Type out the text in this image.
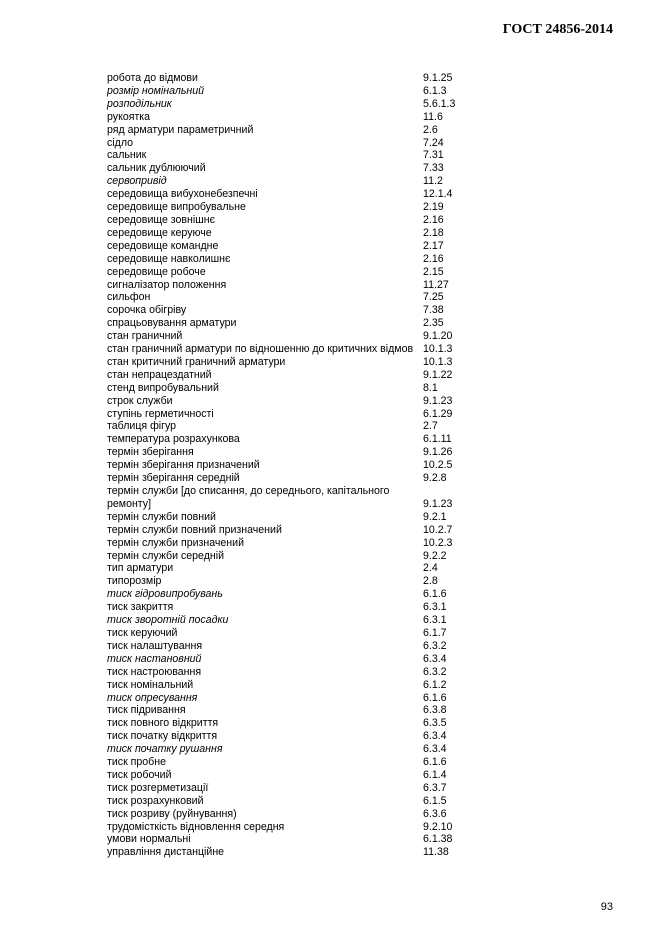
ГОСТ 24856-2014
робота до відмови	9.1.25
розмір номінальний	6.1.3
розподільник	5.6.1.3
рукоятка	11.6
ряд арматури параметричний	2.6
сідло	7.24
сальник	7.31
сальник дублюючий	7.33
сервопривід	11.2
середовища вибухонебезпечні	12.1.4
середовище випробувальне	2.19
середовище зовнішнє	2.16
середовище керуюче	2.18
середовище командне	2.17
середовище навколишнє	2.16
середовище робоче	2.15
сигналізатор положення	11.27
сильфон	7.25
сорочка обігріву	7.38
спрацьовування арматури	2.35
стан граничний	9.1.20
стан граничний арматури по відношенню до критичних відмов 10.1.3
стан критичний граничний арматури	10.1.3
стан непрацездатний	9.1.22
стенд випробувальний	8.1
строк служби	9.1.23
ступінь герметичності	6.1.29
таблиця фігур	2.7
температура розрахункова	6.1.11
термін зберігання	9.1.26
термін зберігання призначений	10.2.5
термін зберігання середній	9.2.8
термін служби [до списання, до середнього, капітального ремонту]	9.1.23
термін служби повний	9.2.1
термін служби повний призначений	10.2.7
термін служби призначений	10.2.3
термін служби середній	9.2.2
тип арматури	2.4
типорозмір	2.8
тиск гідровипробувань	6.1.6
тиск закриття	6.3.1
тиск зворотній посадки	6.3.1
тиск керуючий	6.1.7
тиск налаштування	6.3.2
тиск настановний	6.3.4
тиск настроювання	6.3.2
тиск номінальний	6.1.2
тиск опресування	6.1.6
тиск підривання	6.3.8
тиск повного відкриття	6.3.5
тиск початку відкриття	6.3.4
тиск початку рушання	6.3.4
тиск пробне	6.1.6
тиск робочий	6.1.4
тиск розгерметизації	6.3.7
тиск розрахунковий	6.1.5
тиск розриву (руйнування)	6.3.6
трудомісткість відновлення середня	9.2.10
умови нормальні	6.1.38
управління дистанційне	11.38
93
